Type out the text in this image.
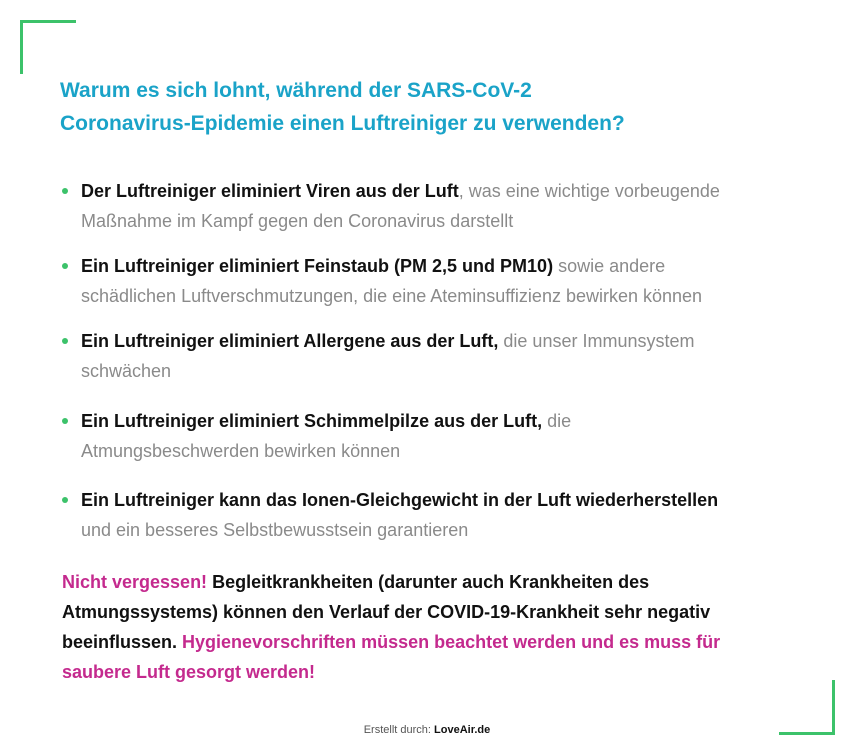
Warum es sich lohnt, während der SARS-CoV-2
Coronavirus-Epidemie einen Luftreiniger zu verwenden?
Der Luftreiniger eliminiert Viren aus der Luft, was eine wichtige vorbeugende
Maßnahme im Kampf gegen den Coronavirus darstellt
Ein Luftreiniger eliminiert Feinstaub (PM 2,5 und PM10) sowie andere
schädlichen Luftverschmutzungen, die eine Ateminsuffizienz bewirken können
Ein Luftreiniger eliminiert Allergene aus der Luft, die unser Immunsystem
schwächen
Ein Luftreiniger eliminiert Schimmelpilze aus der Luft, die
Atmungsbeschwerden bewirken können
Ein Luftreiniger kann das Ionen-Gleichgewicht in der Luft wiederherstellen
und ein besseres Selbstbewusstsein garantieren

Nicht vergessen! Begleitkrankheiten (darunter auch Krankheiten des Atmungssystems) können den Verlauf der COVID-19-Krankheit sehr negativ beeinflussen. Hygienevorschriften müssen beachtet werden und es muss für saubere Luft gesorgt werden!

Erstellt durch: LoveAir.de
